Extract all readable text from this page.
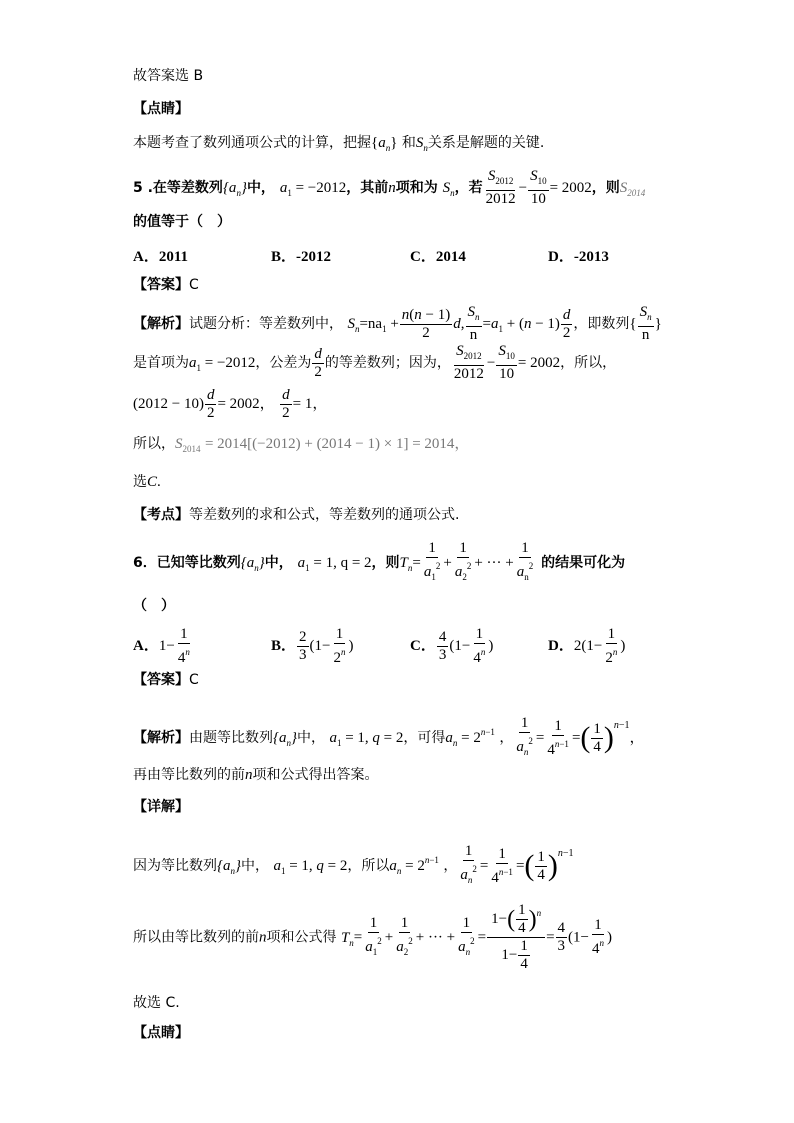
故答案选 B
【点睛】
本题考查了数列通项公式的计算，把握$\{a_n\}$ 和$S_n$关系是解题的关键.
5 .在等差数列$\{a_n\}$中， $a_1 = -2012$，其前n项和为 $S_n$，若 $\frac{S_{2012}}{2012} - \frac{S_{10}}{10} = 2002$，则$S_{2014}$
的值等于（　）
A．2011	B．-2012	C．2014	D．-2013
【答案】C
【解析】试题分析：等差数列中， $S_n=na_1 + \frac{n(n - 1)}{2} d$, $\frac{S_n}{n} =a_1 + (n - 1) \frac{d}{2}$ ，即数列{ $\frac{S_n}{n}$ }
是首项为$a_1 = -2012$，公差为 $\frac{d}{2}$ 的等差数列；因为， $\frac{S_{2012}}{2012} - \frac{S_{10}}{10} = 2002$，所以，
$(2012 - 10) \frac{d}{2} = 2002$， $\frac{d}{2} = 1$，
所以，$S_{2014} = 2014[(-2012) + (2014 - 1) \times 1] = 2014$，
选C.
【考点】等差数列的求和公式，等差数列的通项公式.
6．已知等比数列$\{a_n\}$中， $a_1 = 1$, q = 2，则$T_n= \frac{1}{a_1^2} + \frac{1}{a_2^2}$ + ··· + $\frac{1}{a_n^2}$ 的结果可化为
（　）
A．$1- \frac{1}{4^n}$	B． $\frac{2}{3} (1- \frac{1}{2^n}$ )	C． $\frac{4}{3} (1- \frac{1}{4^n}$ )	D．$2(1- \frac{1}{2^n}$ )
【答案】C
【解析】由题等比数列$\{a_n\}$中， $a_1 = 1$, q = 2，可得$a_n = 2^{n-1}$ ， $\frac{1}{a_n^2} = \frac{1}{4^{n-1}}$ =( $\frac{1}{4} )^{n-1}$，
再由等比数列的前n项和公式得出答案。
【详解】
因为等比数列$\{a_n\}$中， $a_1 = 1$, q = 2，所以$a_n = 2^{n-1}$ ， $\frac{1}{a_n^2} = \frac{1}{4^{n-1}}$ =( $\frac{1}{4} )^{n-1}$
所以由等比数列的前n项和公式得 $T_n= \frac{1}{a_1^2} + \frac{1}{a_2^2}$ + ··· + $\frac{1}{a_n^2} = \frac{1-( \frac{1}{4} )^n}{1- \frac{1}{4}} = \frac{4}{3} (1- \frac{1}{4^n}$ )
故选 C.
【点睛】
